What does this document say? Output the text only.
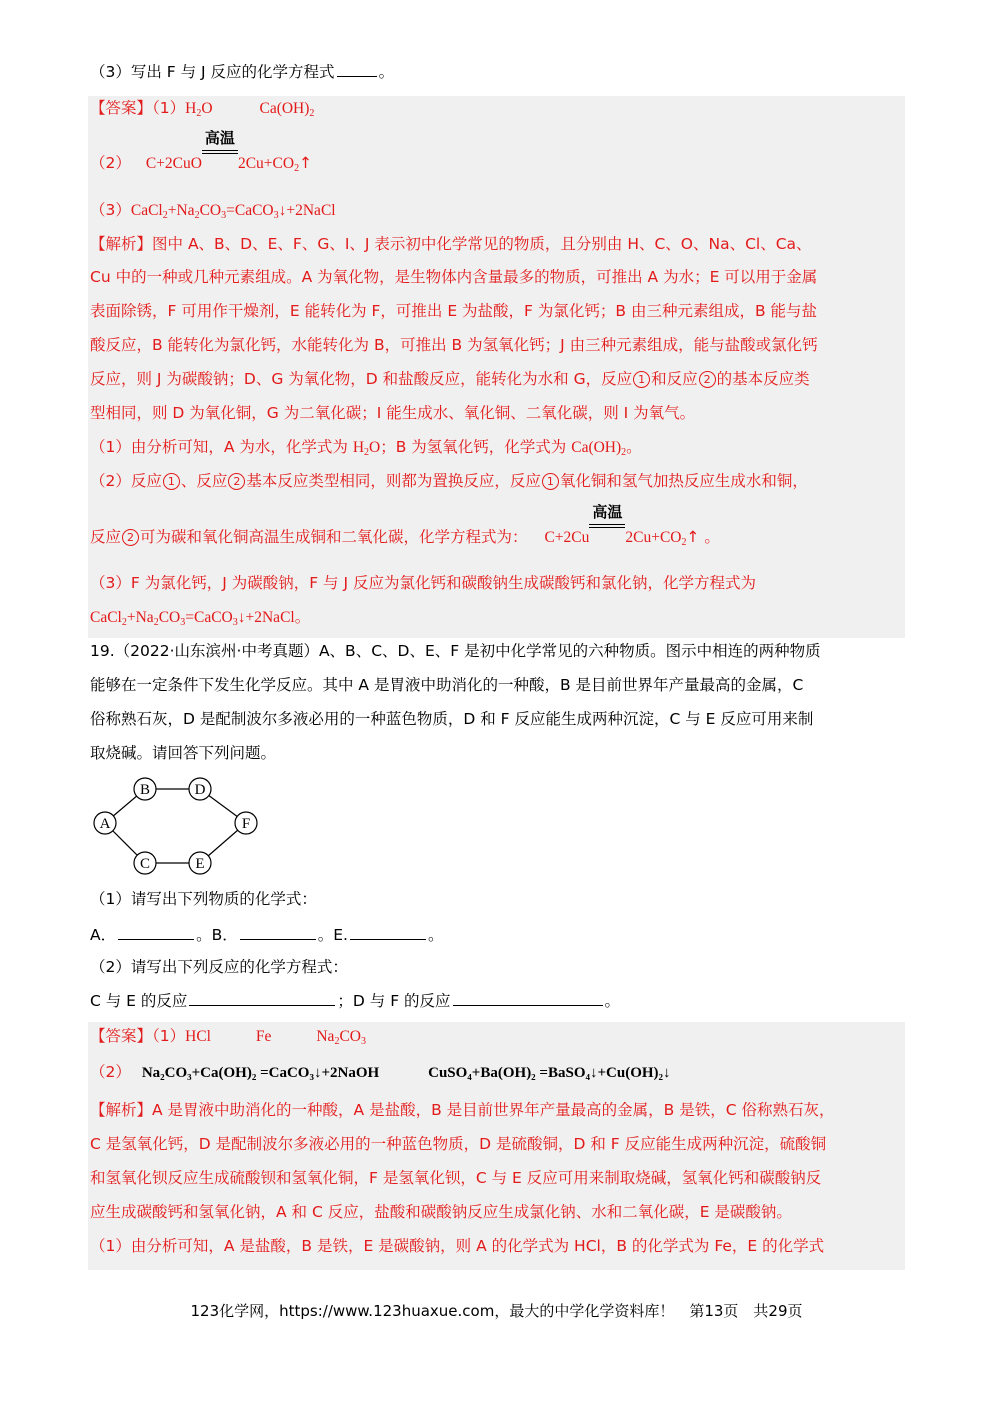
（3）写出 F 与 J 反应的化学方程式	。
【答案】$(1)H_2O$	$Ca(OH)_2$
（2） C+2CuO
高温
$2Cu+CO_2↑$
$(3)CaCl_2+Na_2CO_3=CaCO_3↓+2NaCl$
【解析】图中 A、B、D、E、F、G、I、J 表示初中化学常见的物质，且分别由 H、C、O、Na、Cl、Ca、
Cu 中的一种或几种元素组成。A 为氧化物，是生物体内含量最多的物质，可推出 A 为水；E 可以用于金属
表面除锈，F 可用作干燥剂，E 能转化为 F，可推出 E 为盐酸，F 为氯化钙；B 由三种元素组成，B 能与盐
酸反应，B 能转化为氯化钙，水能转化为 B，可推出 B 为氢氧化钙；J 由三种元素组成，能与盐酸或氯化钙
反应，则 J 为碳酸钠；D、G 为氧化物，D 和盐酸反应，能转化为水和 G，反应 1 和反应 2 的基本反应类
型相同，则 D 为氧化铜，G 为二氧化碳；I 能生成水、氧化铜、二氧化碳，则 I 为氧气。
（1）由分析可知，A 为水，化学式为 $H_2O$；B 为氢氧化钙，化学式为 $Ca(OH)_2$。
（2）反应 1 、反应 2 基本反应类型相同，则都为置换反应，反应 1 氧化铜和氢气加热反应生成水和铜，
反应 2 可为碳和氧化铜高温生成铜和二氧化碳，化学方程式为： C+2Cu
高温
$2Cu+CO_2↑$ 。
（3）F 为氯化钙，J 为碳酸钠，F 与 J 反应为氯化钙和碳酸钠生成碳酸钙和氯化钠，化学方程式为
$CaCl_2+Na_2CO_3=CaCO_3↓+2NaCl$。
19.（2022·山东滨州·中考真题）A、B、C、D、E、F 是初中化学常见的六种物质。图示中相连的两种物质
能够在一定条件下发生化学反应。其中 A 是胃液中助消化的一种酸，B 是目前世界年产量最高的金属，C
俗称熟石灰，D 是配制波尔多液必用的一种蓝色物质，D 和 F 反应能生成两种沉淀，C 与 E 反应可用来制
取烧碱。请回答下列问题。
A
B	D
F
E
C
（1）请写出下列物质的化学式：
A．	。B．	。E.	。
（2）请写出下列反应的化学方程式：
C 与 E 的反应	；D 与 F 的反应	。
【答案】（1）HCl	Fe	$Na_2CO_3$
（2） Na₂CO₃+Ca(OH)₂ =CaCO₃↓+2NaOH	CuSO₄+Ba(OH)₂ =BaSO₄↓+Cu(OH)₂↓
【解析】A 是胃液中助消化的一种酸，A 是盐酸，B 是目前世界年产量最高的金属，B 是铁，C 俗称熟石灰，
C 是氢氧化钙，D 是配制波尔多液必用的一种蓝色物质，D 是硫酸铜，D 和 F 反应能生成两种沉淀，硫酸铜
和氢氧化钡反应生成硫酸钡和氢氧化铜，F 是氢氧化钡，C 与 E 反应可用来制取烧碱，氢氧化钙和碳酸钠反
应生成碳酸钙和氢氧化钠，A 和 C 反应，盐酸和碳酸钠反应生成氯化钠、水和二氧化碳，E 是碳酸钠。
（1）由分析可知，A 是盐酸，B 是铁，E 是碳酸钠，则 A 的化学式为 HCl，B 的化学式为 Fe，E 的化学式
123化学网，https://www.123huaxue.com，最大的中学化学资料库！　第13页　共29页
